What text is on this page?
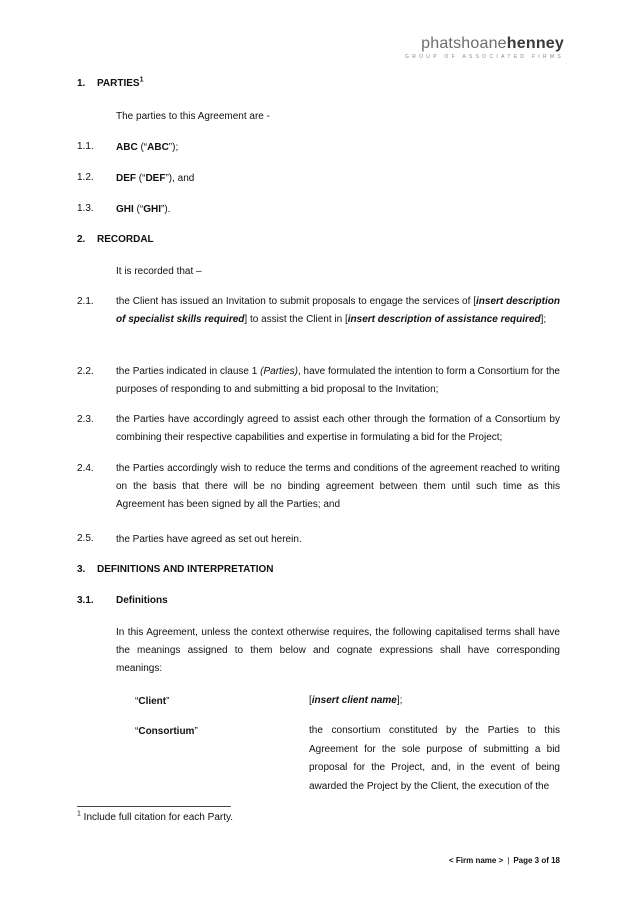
phatshoanehenney
GROUP OF ASSOCIATED FIRMS
1. PARTIES$^1$
The parties to this Agreement are -
1.1. ABC (“ABC”);
1.2. DEF (“DEF”), and
1.3. GHI (“GHI”).
2. RECORDAL
It is recorded that –
2.1. the Client has issued an Invitation to submit proposals to engage the services of [insert description of specialist skills required] to assist the Client in [insert description of assistance required];
2.2. the Parties indicated in clause 1 (Parties), have formulated the intention to form a Consortium for the purposes of responding to and submitting a bid proposal to the Invitation;
2.3. the Parties have accordingly agreed to assist each other through the formation of a Consortium by combining their respective capabilities and expertise in formulating a bid for the Project;
2.4. the Parties accordingly wish to reduce the terms and conditions of the agreement reached to writing on the basis that there will be no binding agreement between them until such time as this Agreement has been signed by all the Parties; and
2.5. the Parties have agreed as set out herein.
3. DEFINITIONS AND INTERPRETATION
3.1. Definitions
In this Agreement, unless the context otherwise requires, the following capitalised terms shall have the meanings assigned to them below and cognate expressions shall have corresponding meanings:
“Client”	[insert client name];
“Consortium”	the consortium constituted by the Parties to this Agreement for the sole purpose of submitting a bid proposal for the Project, and, in the event of being awarded the Project by the Client, the execution of the
$^1$ Include full citation for each Party.
< Firm name > | Page 3 of 18
